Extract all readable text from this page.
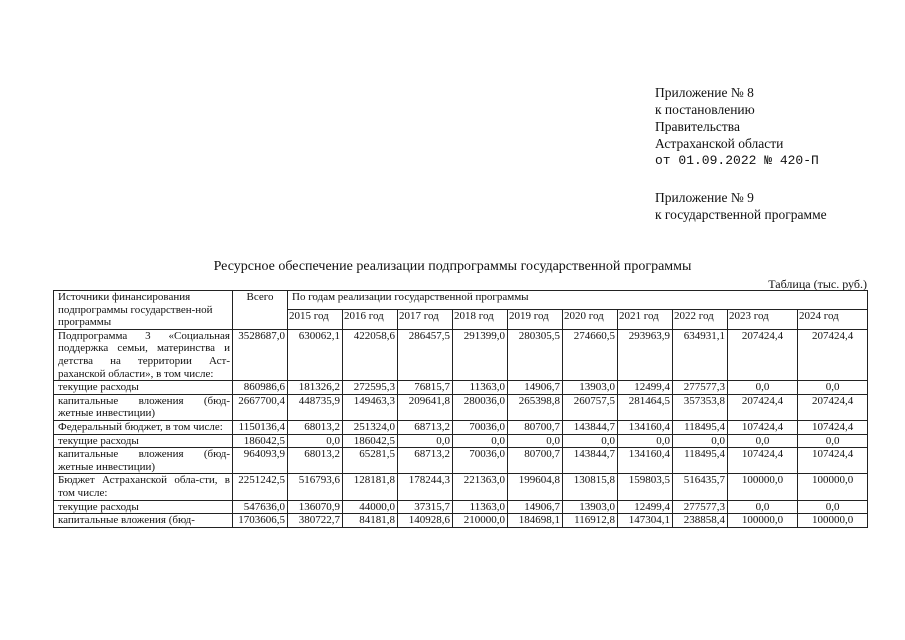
Приложение № 8
к постановлению
Правительства
Астраханской области
от 01.09.2022 № 420-П
Приложение № 9
к государственной программе
Ресурсное обеспечение реализации подпрограммы государственной программы
Таблица (тыс. руб.)
Источники финансирования подпрограммы государствен-ной программы	Всего	По годам реализации государственной программы									
		2015 год	2016 год	2017 год	2018 год	2019 год	2020 год	2021 год	2022 год	2023 год	2024 год
Подпрограмма 3 «Социальная поддержка семьи, материнства и детства на территории Аст-раханской области», в том числе:	3528687,0	630062,1	422058,6	286457,5	291399,0	280305,5	274660,5	293963,9	634931,1	207424,4	207424,4
текущие расходы	860986,6	181326,2	272595,3	76815,7	11363,0	14906,7	13903,0	12499,4	277577,3	0,0	0,0
капитальные вложения (бюд-жетные инвестиции)	2667700,4	448735,9	149463,3	209641,8	280036,0	265398,8	260757,5	281464,5	357353,8	207424,4	207424,4
Федеральный бюджет, в том числе:	1150136,4	68013,2	251324,0	68713,2	70036,0	80700,7	143844,7	134160,4	118495,4	107424,4	107424,4
текущие расходы	186042,5	0,0	186042,5	0,0	0,0	0,0	0,0	0,0	0,0	0,0	0,0
капитальные вложения (бюд-жетные инвестиции)	964093,9	68013,2	65281,5	68713,2	70036,0	80700,7	143844,7	134160,4	118495,4	107424,4	107424,4
Бюджет Астраханской обла-сти, в том числе:	2251242,5	516793,6	128181,8	178244,3	221363,0	199604,8	130815,8	159803,5	516435,7	100000,0	100000,0
текущие расходы	547636,0	136070,9	44000,0	37315,7	11363,0	14906,7	13903,0	12499,4	277577,3	0,0	0,0
капитальные вложения (бюд-	1703606,5	380722,7	84181,8	140928,6	210000,0	184698,1	116912,8	147304,1	238858,4	100000,0	100000,0
